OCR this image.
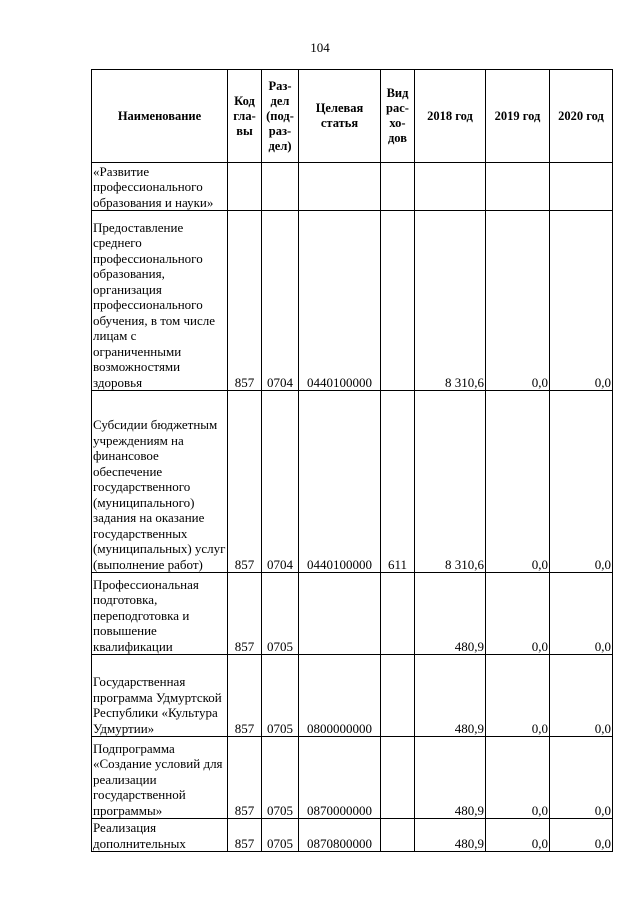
104
Наименование	Код гла-вы	Раз-дел (под-раз-дел)	Целевая статья	Вид рас-хо-дов	2018 год	2019 год	2020 год
«Развитие профессионального образования и науки»							
Предоставление среднего профессионального образования, организация профессионального обучения, в том числе лицам с ограниченными возможностями здоровья	857	0704	0440100000		8 310,6	0,0	0,0
Субсидии бюджетным учреждениям на финансовое обеспечение государственного (муниципального) задания на оказание государственных (муниципальных) услуг (выполнение работ)	857	0704	0440100000	611	8 310,6	0,0	0,0
Профессиональная подготовка, переподготовка и повышение квалификации	857	0705			480,9	0,0	0,0
Государственная программа Удмуртской Республики «Культура Удмуртии»	857	0705	0800000000		480,9	0,0	0,0
Подпрограмма «Создание условий для реализации государственной программы»	857	0705	0870000000		480,9	0,0	0,0
Реализация дополнительных	857	0705	0870800000		480,9	0,0	0,0
